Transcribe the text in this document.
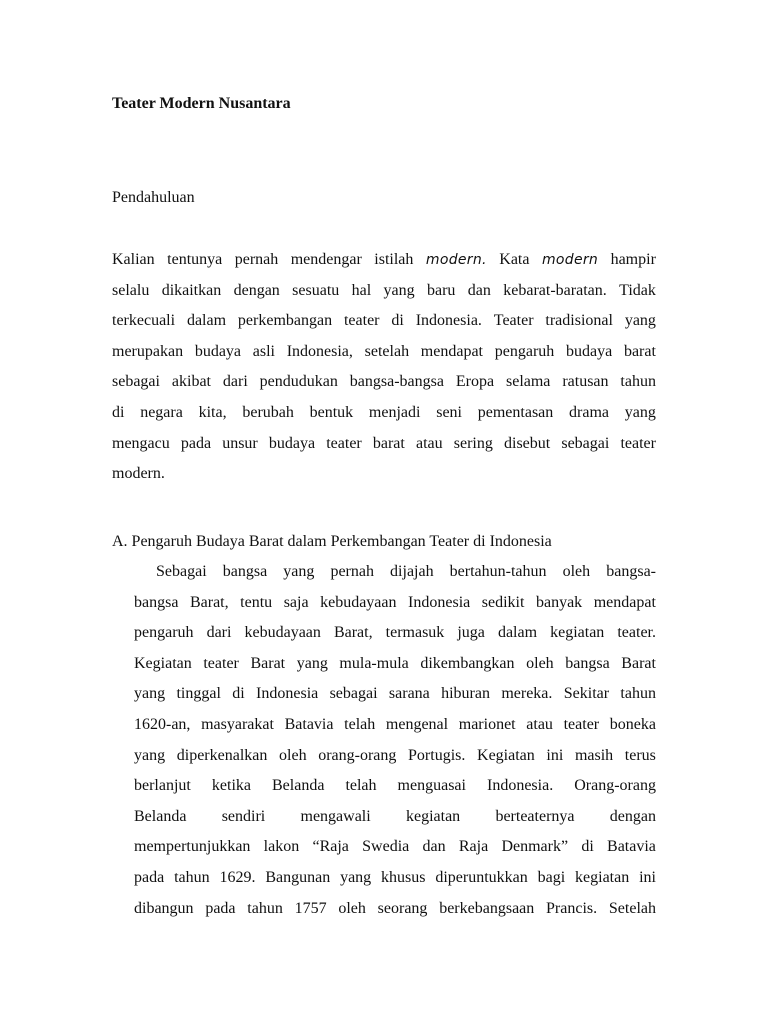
Teater Modern Nusantara
Pendahuluan
Kalian tentunya pernah mendengar istilah modern. Kata modern hampir
selalu dikaitkan dengan sesuatu hal yang baru dan kebarat-baratan. Tidak
terkecuali dalam perkembangan teater di Indonesia. Teater tradisional yang
merupakan budaya asli Indonesia, setelah mendapat pengaruh budaya barat
sebagai akibat dari pendudukan bangsa-bangsa Eropa selama ratusan tahun
di negara kita, berubah bentuk menjadi seni pementasan drama yang
mengacu pada unsur budaya teater barat atau sering disebut sebagai teater
modern.
A. Pengaruh Budaya Barat dalam Perkembangan Teater di Indonesia
Sebagai bangsa yang pernah dijajah bertahun-tahun oleh bangsa-
bangsa Barat, tentu saja kebudayaan Indonesia sedikit banyak mendapat
pengaruh dari kebudayaan Barat, termasuk juga dalam kegiatan teater.
Kegiatan teater Barat yang mula-mula dikembangkan oleh bangsa Barat
yang tinggal di Indonesia sebagai sarana hiburan mereka. Sekitar tahun
1620-an, masyarakat Batavia telah mengenal marionet atau teater boneka
yang diperkenalkan oleh orang-orang Portugis. Kegiatan ini masih terus
berlanjut ketika Belanda telah menguasai Indonesia. Orang-orang
Belanda sendiri mengawali kegiatan berteaternya dengan
mempertunjukkan lakon “Raja Swedia dan Raja Denmark” di Batavia
pada tahun 1629. Bangunan yang khusus diperuntukkan bagi kegiatan ini
dibangun pada tahun 1757 oleh seorang berkebangsaan Prancis. Setelah
